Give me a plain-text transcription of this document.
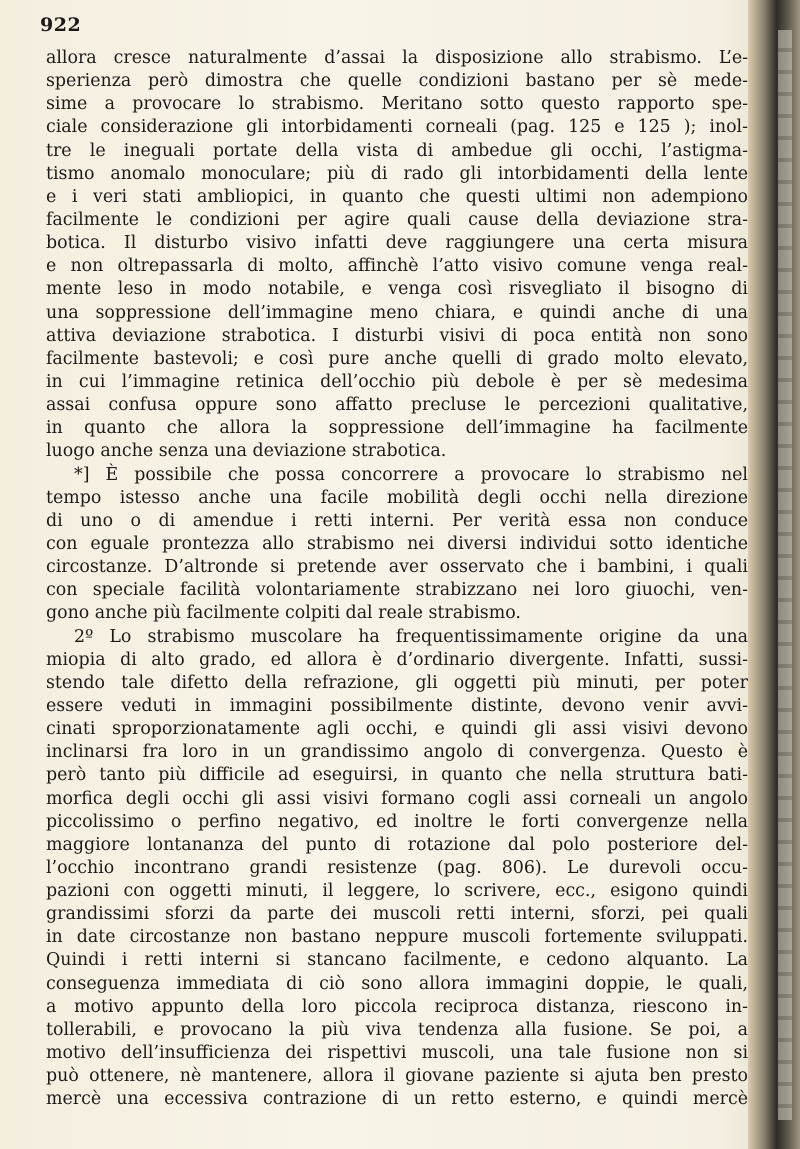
922
allora cresce naturalmente d’assai la disposizione allo strabismo. L’e-
sperienza però dimostra che quelle condizioni bastano per sè mede-
sime a provocare lo strabismo. Meritano sotto questo rapporto spe-
ciale considerazione gli intorbidamenti corneali (pag. 125 e 125 ); inol-
tre le ineguali portate della vista di ambedue gli occhi, l’astigma-
tismo anomalo monoculare; più di rado gli intorbidamenti della lente
e i veri stati ambliopici, in quanto che questi ultimi non adempiono
facilmente le condizioni per agire quali cause della deviazione stra-
botica. Il disturbo visivo infatti deve raggiungere una certa misura
e non oltrepassarla di molto, affinchè l’atto visivo comune venga real-
mente leso in modo notabile, e venga così risvegliato il bisogno di
una soppressione dell’immagine meno chiara, e quindi anche di una
attiva deviazione strabotica. I disturbi visivi di poca entità non sono
facilmente bastevoli; e così pure anche quelli di grado molto elevato,
in cui l’immagine retinica dell’occhio più debole è per sè medesima
assai confusa oppure sono affatto precluse le percezioni qualitative,
in quanto che allora la soppressione dell’immagine ha facilmente
luogo anche senza una deviazione strabotica.
*] È possibile che possa concorrere a provocare lo strabismo nel
tempo istesso anche una facile mobilità degli occhi nella direzione
di uno o di amendue i retti interni. Per verità essa non conduce
con eguale prontezza allo strabismo nei diversi individui sotto identiche
circostanze. D’altronde si pretende aver osservato che i bambini, i quali
con speciale facilità volontariamente strabizzano nei loro giuochi, ven-
gono anche più facilmente colpiti dal reale strabismo.
2º Lo strabismo muscolare ha frequentissimamente origine da una
miopia di alto grado, ed allora è d’ordinario divergente. Infatti, sussi-
stendo tale difetto della refrazione, gli oggetti più minuti, per poter
essere veduti in immagini possibilmente distinte, devono venir avvi-
cinati sproporzionatamente agli occhi, e quindi gli assi visivi devono
inclinarsi fra loro in un grandissimo angolo di convergenza. Questo è
però tanto più difficile ad eseguirsi, in quanto che nella struttura bati-
morfica degli occhi gli assi visivi formano cogli assi corneali un angolo
piccolissimo o perfino negativo, ed inoltre le forti convergenze nella
maggiore lontananza del punto di rotazione dal polo posteriore del-
l’occhio incontrano grandi resistenze (pag. 806). Le durevoli occu-
pazioni con oggetti minuti, il leggere, lo scrivere, ecc., esigono quindi
grandissimi sforzi da parte dei muscoli retti interni, sforzi, pei quali
in date circostanze non bastano neppure muscoli fortemente sviluppati.
Quindi i retti interni si stancano facilmente, e cedono alquanto. La
conseguenza immediata di ciò sono allora immagini doppie, le quali,
a motivo appunto della loro piccola reciproca distanza, riescono in-
tollerabili, e provocano la più viva tendenza alla fusione. Se poi, a
motivo dell’insufficienza dei rispettivi muscoli, una tale fusione non si
può ottenere, nè mantenere, allora il giovane paziente si ajuta ben presto
mercè una eccessiva contrazione di un retto esterno, e quindi mercè
